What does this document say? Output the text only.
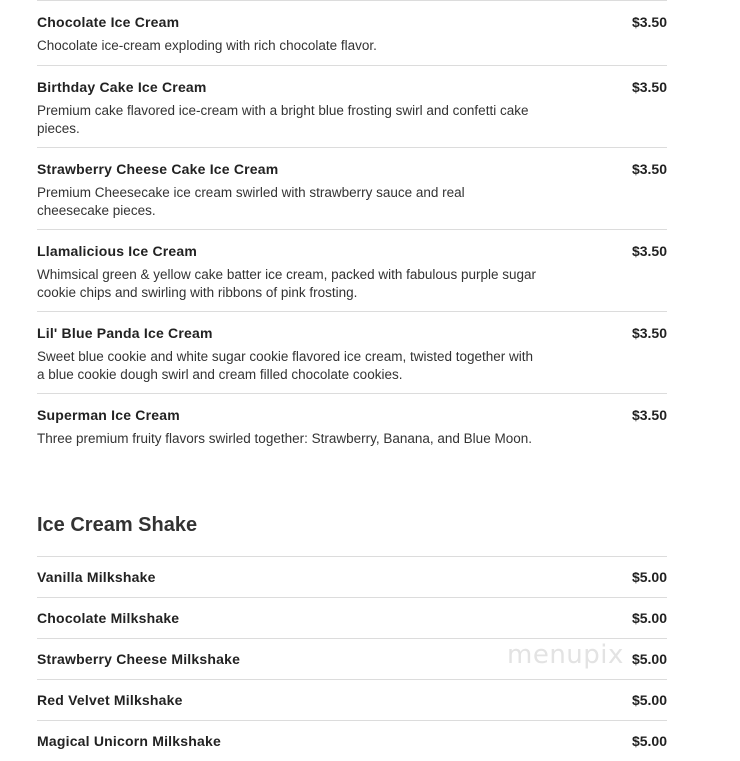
Chocolate Ice Cream	$3.50
Chocolate ice-cream exploding with rich chocolate flavor.
Birthday Cake Ice Cream	$3.50
Premium cake flavored ice-cream with a bright blue frosting swirl and confetti cake pieces.
Strawberry Cheese Cake Ice Cream	$3.50
Premium Cheesecake ice cream swirled with strawberry sauce and real cheesecake pieces.
Llamalicious Ice Cream	$3.50
Whimsical green & yellow cake batter ice cream, packed with fabulous purple sugar cookie chips and swirling with ribbons of pink frosting.
Lil' Blue Panda Ice Cream	$3.50
Sweet blue cookie and white sugar cookie flavored ice cream, twisted together with a blue cookie dough swirl and cream filled chocolate cookies.
Superman Ice Cream	$3.50
Three premium fruity flavors swirled together: Strawberry, Banana, and Blue Moon.
Ice Cream Shake
Vanilla Milkshake	$5.00
Chocolate Milkshake	$5.00
Strawberry Cheese Milkshake	$5.00
Red Velvet Milkshake	$5.00
Magical Unicorn Milkshake	$5.00
menupix
